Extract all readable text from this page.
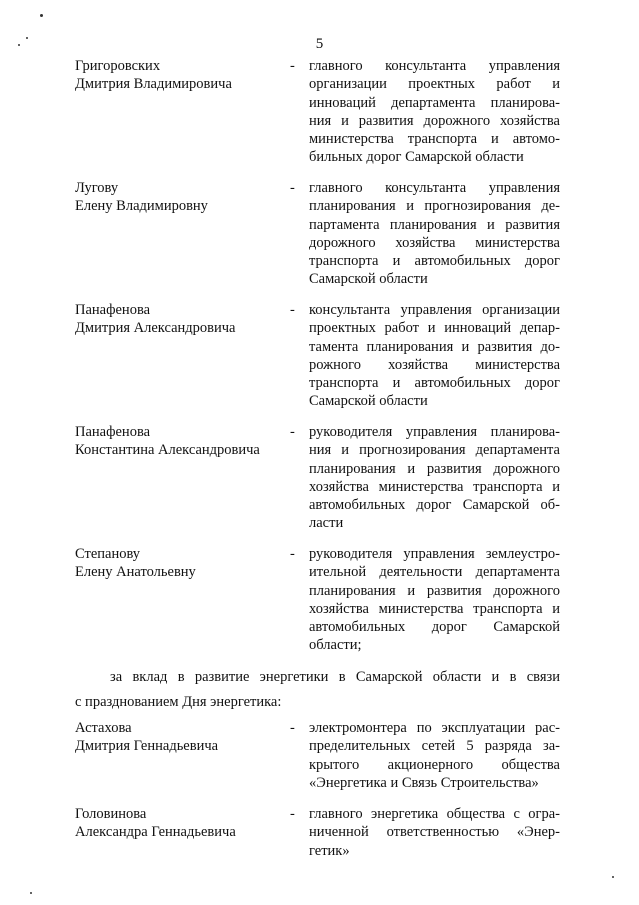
5
Григоровских
Дмитрия Владимировича
- главного консультанта управления
организации проектных работ и
инноваций департамента планирова-
ния и развития дорожного хозяйства
министерства транспорта и автомо-
бильных дорог Самарской области
Лугову
Елену Владимировну
- главного консультанта управления
планирования и прогнозирования де-
партамента планирования и развития
дорожного хозяйства министерства
транспорта и автомобильных дорог
Самарской области
Панафенова
Дмитрия Александровича
- консультанта управления организации
проектных работ и инноваций депар-
тамента планирования и развития до-
рожного хозяйства министерства
транспорта и автомобильных дорог
Самарской области
Панафенова
Константина Александровича
- руководителя управления планирова-
ния и прогнозирования департамента
планирования и развития дорожного
хозяйства министерства транспорта и
автомобильных дорог Самарской об-
ласти
Степанову
Елену Анатольевну
- руководителя управления землеустро-
ительной деятельности департамента
планирования и развития дорожного
хозяйства министерства транспорта и
автомобильных дорог Самарской
области;
за вклад в развитие энергетики в Самарской области и в связи
с празднованием Дня энергетика:
Астахова
Дмитрия Геннадьевича
- электромонтера по эксплуатации рас-
пределительных сетей 5 разряда за-
крытого акционерного общества
«Энергетика и Связь Строительства»
Головинова
Александра Геннадьевича
- главного энергетика общества с огра-
ниченной ответственностью «Энер-
гетик»
